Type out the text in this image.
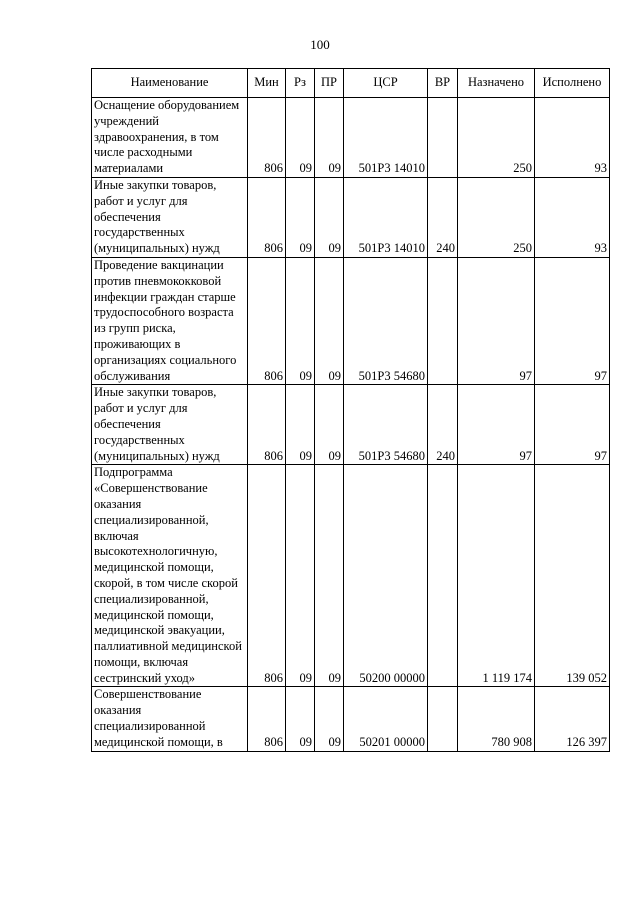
100
Наименование	Мин	Рз	ПР	ЦСР	ВР	Назначено	Исполнено
Оснащение оборудованием учреждений здравоохранения, в том числе расходными материалами	806	09	09	501Р3 14010		250	93
Иные закупки товаров, работ и услуг для обеспечения государственных (муниципальных) нужд	806	09	09	501Р3 14010	240	250	93
Проведение вакцинации против пневмококковой инфекции граждан старше трудоспособного возраста из групп риска, проживающих в организациях социального обслуживания	806	09	09	501Р3 54680		97	97
Иные закупки товаров, работ и услуг для обеспечения государственных (муниципальных) нужд	806	09	09	501Р3 54680	240	97	97
Подпрограмма «Совершенствование оказания специализированной, включая высокотехнологичную, медицинской помощи, скорой, в том числе скорой специализированной, медицинской помощи, медицинской эвакуации, паллиативной медицинской помощи, включая сестринский уход»	806	09	09	50200 00000		1 119 174	139 052
Совершенствование оказания специализированной медицинской помощи, в	806	09	09	50201 00000		780 908	126 397
